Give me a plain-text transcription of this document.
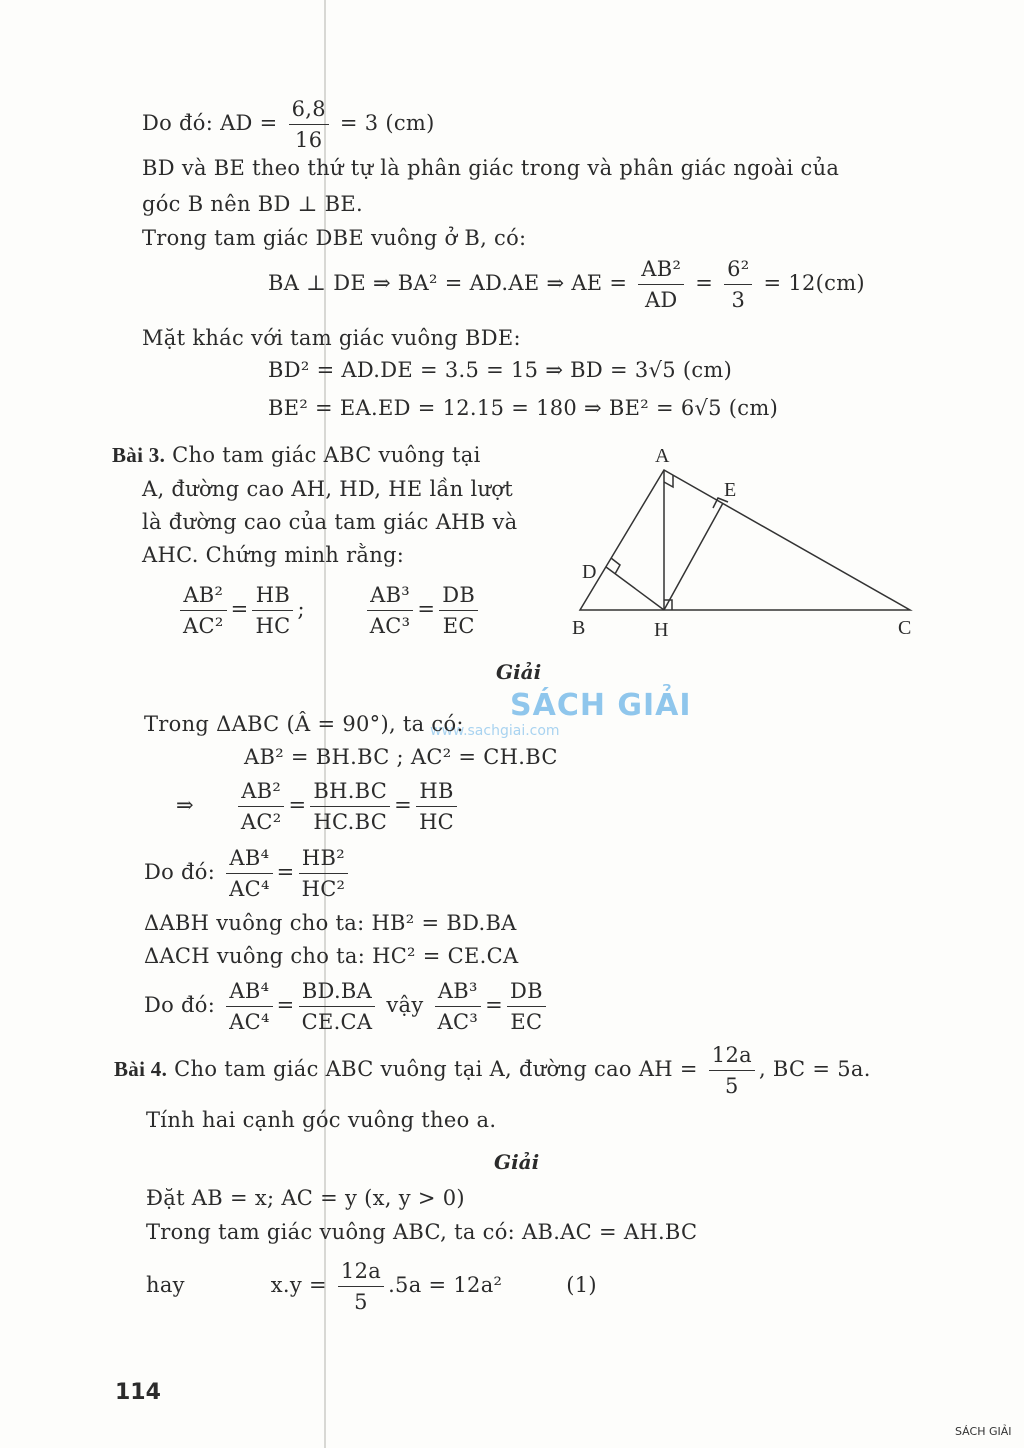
Do đó: AD = $\frac{6,8}{16} = 3$ (cm)
BD và BE theo thứ tự là phân giác trong và phân giác ngoài của
góc B nên BD ⊥ BE.
Trong tam giác DBE vuông ở B, có:
BA ⊥ DE ⇒ BA² = AD.AE ⇒ AE = $\frac{\text{AB²}}{AD} = \frac{\text{6²}}{3} = 12(cm)$
Mặt khác với tam giác vuông BDE:
BD² = AD.DE = 3.5 = 15 ⇒ BD = 3√5 (cm)
BE² = EA.ED = 12.15 = 180 ⇒ BE² = 6√5 (cm)
Bài 3. Cho tam giác ABC vuông tại
A, đường cao AH, HD, HE lần lượt
là đường cao của tam giác AHB và
AHC. Chứng minh rằng:
$\frac{\text{AB²}}{\text{AC²}} = \frac{HB}{HC}$ ;	$\frac{\text{AB³}}{\text{AC³}} = \frac{DB}{EC}$
A
B	C
D
E
H
Giải
SÁCH GIẢI
www.sachgiai.com
Trong ΔABC (Â = 90°), ta có:
AB² = BH.BC ; AC² = CH.BC
⇒ $\frac{\text{AB²}}{\text{AC²}} = \frac{BH.BC}{HC.BC} = \frac{HB}{HC}$
Do đó: $\frac{\text{AB⁴}}{\text{AC⁴}} = \frac{\text{HB²}}{\text{HC²}}$
ΔABH vuông cho ta: HB² = BD.BA
ΔACH vuông cho ta: HC² = CE.CA
Do đó: $\frac{\text{AB⁴}}{\text{AC⁴}} = \frac{BD.BA}{CE.CA}$ vậy $\frac{\text{AB³}}{\text{AC³}} = \frac{DB}{EC}$
Bài 4. Cho tam giác ABC vuông tại A, đường cao AH = $\frac{12a}{5}$ , BC = 5a.
Tính hai cạnh góc vuông theo a.
Giải
Đặt AB = x; AC = y (x, y > 0)
Trong tam giác vuông ABC, ta có: AB.AC = AH.BC
hay	$x.y = \frac{12a}{5} .5a = 12a^2$	(1)
114
SÁCH GIẢI
